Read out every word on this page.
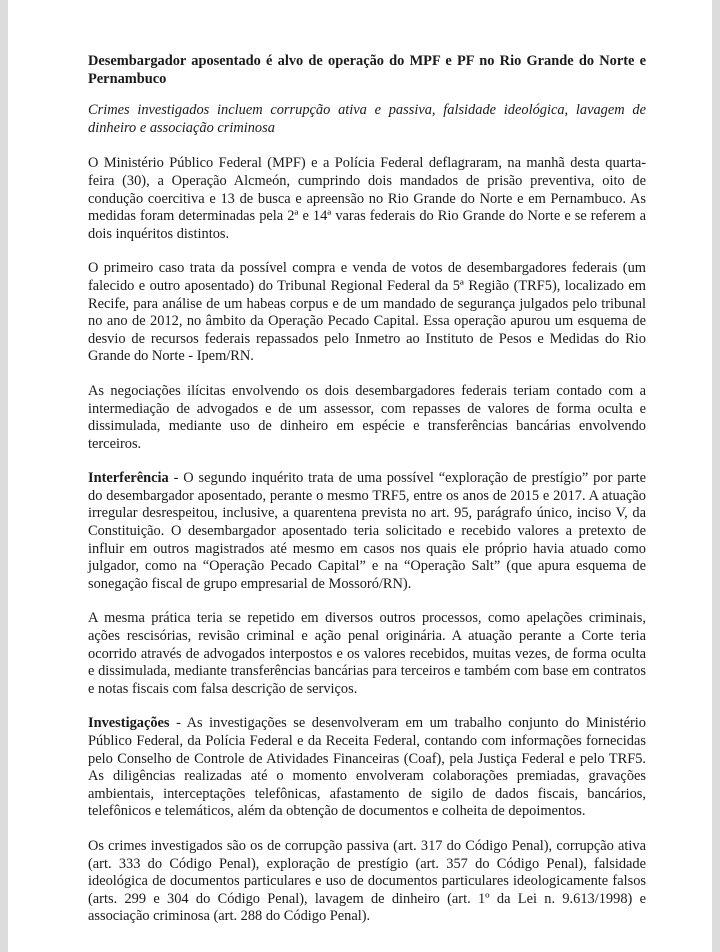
Desembargador aposentado é alvo de operação do MPF e PF no Rio Grande do Norte e Pernambuco

Crimes investigados incluem corrupção ativa e passiva, falsidade ideológica, lavagem de dinheiro e associação criminosa

O Ministério Público Federal (MPF) e a Polícia Federal deflagraram, na manhã desta quarta-feira (30), a Operação Alcmeón, cumprindo dois mandados de prisão preventiva, oito de condução coercitiva e 13 de busca e apreensão no Rio Grande do Norte e em Pernambuco. As medidas foram determinadas pela 2ª e 14ª varas federais do Rio Grande do Norte e se referem a dois inquéritos distintos.

O primeiro caso trata da possível compra e venda de votos de desembargadores federais (um falecido e outro aposentado) do Tribunal Regional Federal da 5ª Região (TRF5), localizado em Recife, para análise de um habeas corpus e de um mandado de segurança julgados pelo tribunal no ano de 2012, no âmbito da Operação Pecado Capital. Essa operação apurou um esquema de desvio de recursos federais repassados pelo Inmetro ao Instituto de Pesos e Medidas do Rio Grande do Norte - Ipem/RN.

As negociações ilícitas envolvendo os dois desembargadores federais teriam contado com a intermediação de advogados e de um assessor, com repasses de valores de forma oculta e dissimulada, mediante uso de dinheiro em espécie e transferências bancárias envolvendo terceiros.

Interferência - O segundo inquérito trata de uma possível “exploração de prestígio” por parte do desembargador aposentado, perante o mesmo TRF5, entre os anos de 2015 e 2017. A atuação irregular desrespeitou, inclusive, a quarentena prevista no art. 95, parágrafo único, inciso V, da Constituição. O desembargador aposentado teria solicitado e recebido valores a pretexto de influir em outros magistrados até mesmo em casos nos quais ele próprio havia atuado como julgador, como na “Operação Pecado Capital” e na “Operação Salt” (que apura esquema de sonegação fiscal de grupo empresarial de Mossoró/RN).

A mesma prática teria se repetido em diversos outros processos, como apelações criminais, ações rescisórias, revisão criminal e ação penal originária. A atuação perante a Corte teria ocorrido através de advogados interpostos e os valores recebidos, muitas vezes, de forma oculta e dissimulada, mediante transferências bancárias para terceiros e também com base em contratos e notas fiscais com falsa descrição de serviços.

Investigações - As investigações se desenvolveram em um trabalho conjunto do Ministério Público Federal, da Polícia Federal e da Receita Federal, contando com informações fornecidas pelo Conselho de Controle de Atividades Financeiras (Coaf), pela Justiça Federal e pelo TRF5. As diligências realizadas até o momento envolveram colaborações premiadas, gravações ambientais, interceptações telefônicas, afastamento de sigilo de dados fiscais, bancários, telefônicos e telemáticos, além da obtenção de documentos e colheita de depoimentos.

Os crimes investigados são os de corrupção passiva (art. 317 do Código Penal), corrupção ativa (art. 333 do Código Penal), exploração de prestígio (art. 357 do Código Penal), falsidade ideológica de documentos particulares e uso de documentos particulares ideologicamente falsos (arts. 299 e 304 do Código Penal), lavagem de dinheiro (art. 1º da Lei n. 9.613/1998) e associação criminosa (art. 288 do Código Penal).
